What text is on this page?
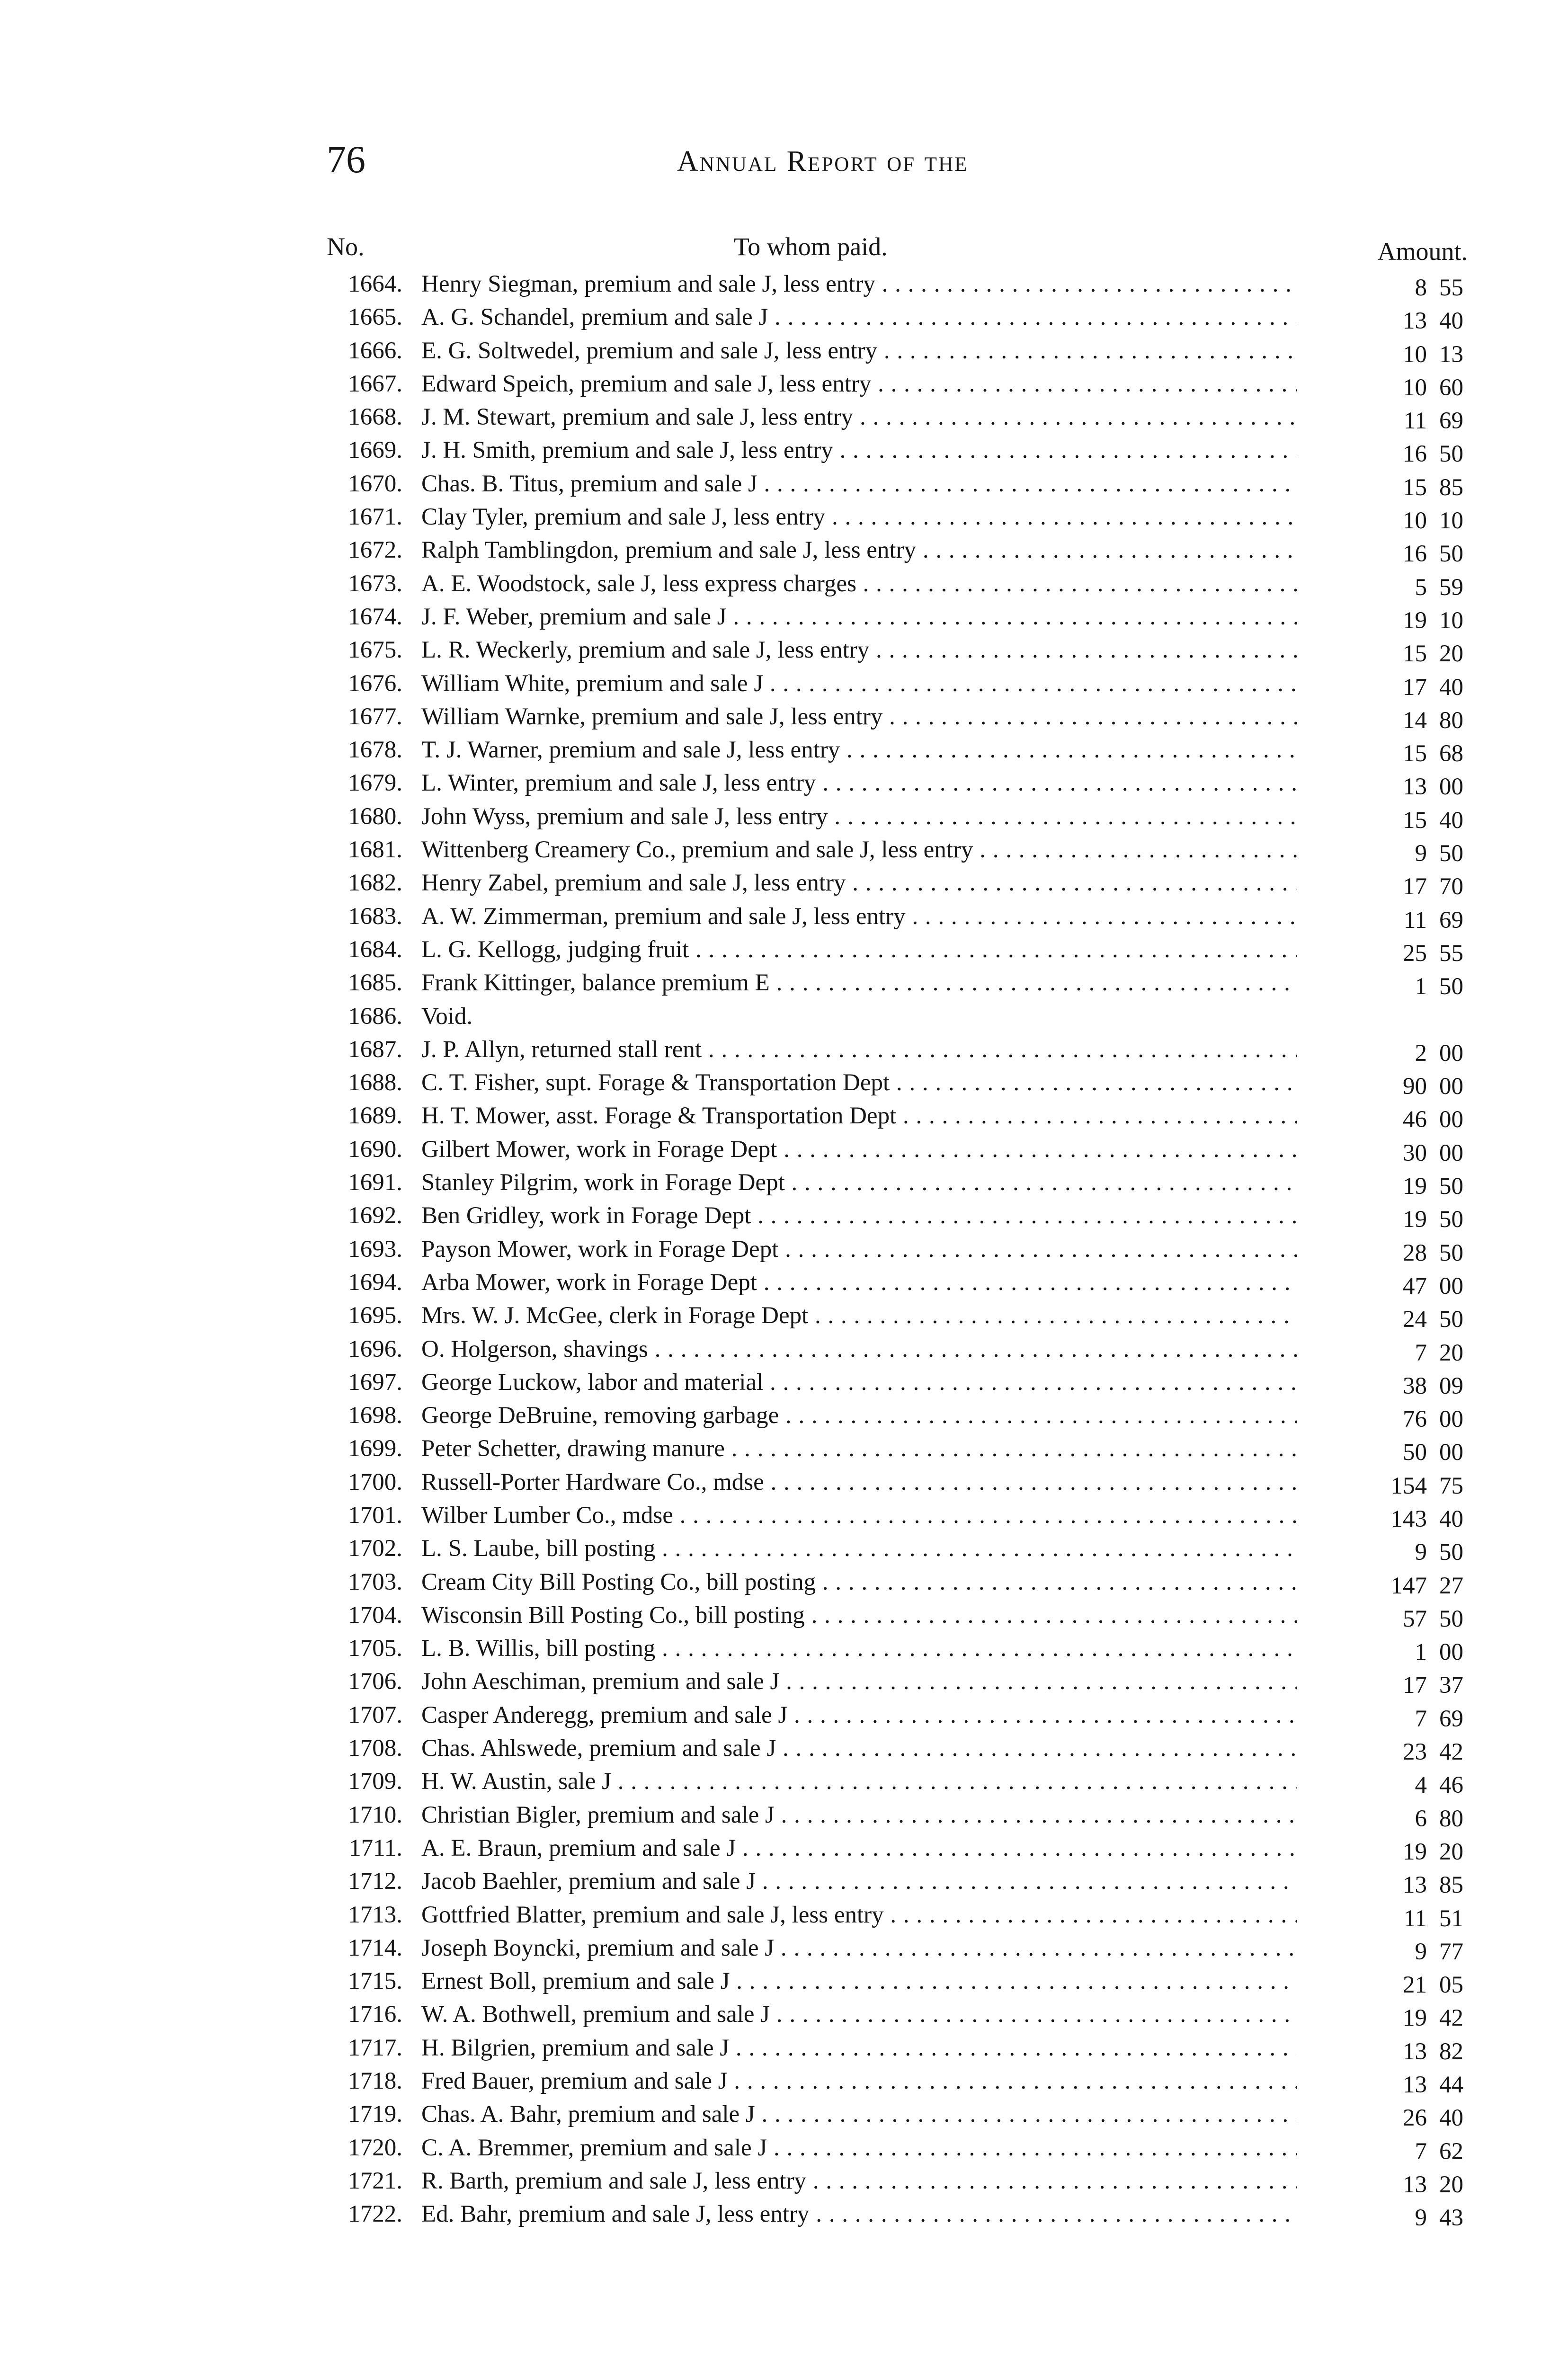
76	Annual Report of the
No.	To whom paid.	Amount.
1664. Henry Siegman, premium and sale J, less entry . . .	8 55
1665. A. G. Schandel, premium and sale J . . .	13 40
1666. E. G. Soltwedel, premium and sale J, less entry . . .	10 13
1667. Edward Speich, premium and sale J, less entry . . .	10 60
1668. J. M. Stewart, premium and sale J, less entry . . .	11 69
1669. J. H. Smith, premium and sale J, less entry . . .	16 50
1670. Chas. B. Titus, premium and sale J . . .	15 85
1671. Clay Tyler, premium and sale J, less entry . . .	10 10
1672. Ralph Tamblingdon, premium and sale J, less entry . . .	16 50
1673. A. E. Woodstock, sale J, less express charges . . .	5 59
1674. J. F. Weber, premium and sale J . . .	19 10
1675. L. R. Weckerly, premium and sale J, less entry . . .	15 20
1676. William White, premium and sale J . . .	17 40
1677. William Warnke, premium and sale J, less entry . . .	14 80
1678. T. J. Warner, premium and sale J, less entry . . .	15 68
1679. L. Winter, premium and sale J, less entry . . .	13 00
1680. John Wyss, premium and sale J, less entry . . .	15 40
1681. Wittenberg Creamery Co., premium and sale J, less entry . . .	9 50
1682. Henry Zabel, premium and sale J, less entry . . .	17 70
1683. A. W. Zimmerman, premium and sale J, less entry . . .	11 69
1684. L. G. Kellogg, judging fruit . . .	25 55
1685. Frank Kittinger, balance premium E . . .	1 50
1686. Void.
1687. J. P. Allyn, returned stall rent . . .	2 00
1688. C. T. Fisher, supt. Forage & Transportation Dept . . .	90 00
1689. H. T. Mower, asst. Forage & Transportation Dept . . .	46 00
1690. Gilbert Mower, work in Forage Dept . . .	30 00
1691. Stanley Pilgrim, work in Forage Dept . . .	19 50
1692. Ben Gridley, work in Forage Dept . . .	19 50
1693. Payson Mower, work in Forage Dept . . .	28 50
1694. Arba Mower, work in Forage Dept . . .	47 00
1695. Mrs. W. J. McGee, clerk in Forage Dept . . .	24 50
1696. O. Holgerson, shavings . . .	7 20
1697. George Luckow, labor and material . . .	38 09
1698. George DeBruine, removing garbage . . .	76 00
1699. Peter Schetter, drawing manure . . .	50 00
1700. Russell-Porter Hardware Co., mdse . . .	154 75
1701. Wilber Lumber Co., mdse . . .	143 40
1702. L. S. Laube, bill posting . . .	9 50
1703. Cream City Bill Posting Co., bill posting . . .	147 27
1704. Wisconsin Bill Posting Co., bill posting . . .	57 50
1705. L. B. Willis, bill posting . . .	1 00
1706. John Aeschiman, premium and sale J . . .	17 37
1707. Casper Anderegg, premium and sale J . . .	7 69
1708. Chas. Ahlswede, premium and sale J . . .	23 42
1709. H. W. Austin, sale J . . .	4 46
1710. Christian Bigler, premium and sale J . . .	6 80
1711. A. E. Braun, premium and sale J . . .	19 20
1712. Jacob Baehler, premium and sale J . . .	13 85
1713. Gottfried Blatter, premium and sale J, less entry . . .	11 51
1714. Joseph Boyncki, premium and sale J . . .	9 77
1715. Ernest Boll, premium and sale J . . .	21 05
1716. W. A. Bothwell, premium and sale J . . .	19 42
1717. H. Bilgrien, premium and sale J . . .	13 82
1718. Fred Bauer, premium and sale J . . .	13 44
1719. Chas. A. Bahr, premium and sale J . . .	26 40
1720. C. A. Bremmer, premium and sale J . . .	7 62
1721. R. Barth, premium and sale J, less entry . . .	13 20
1722. Ed. Bahr, premium and sale J, less entry . . .	9 43
